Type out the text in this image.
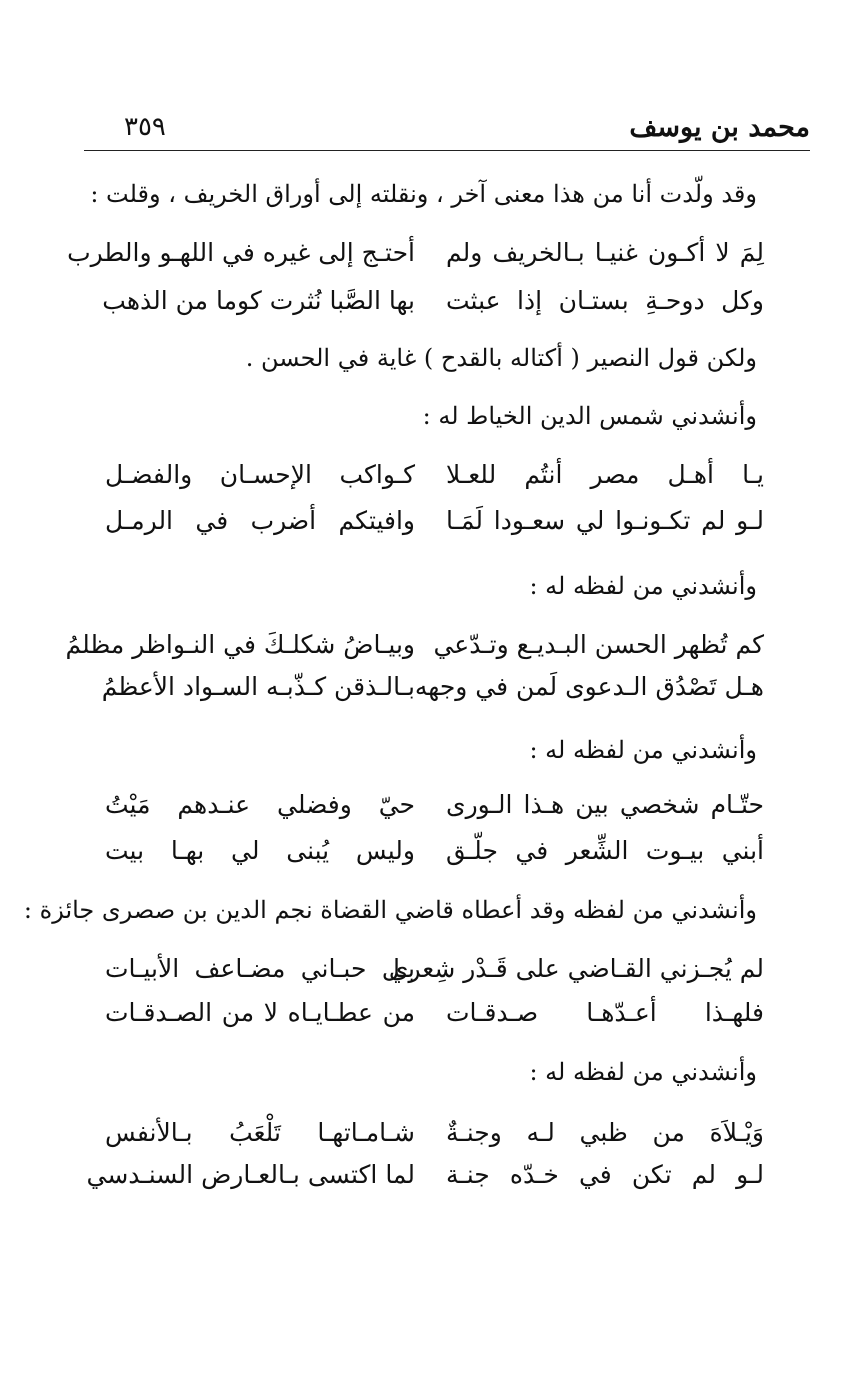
محمد بن يوسف
٣٥٩
وقد ولّدت أنا من هذا معنى آخر ، ونقلته إلى أوراق الخريف ، وقلت :
لِمَ لا أكـون غنيـا بـالخريف ولم
أحتـج إلى غيره في اللهـو والطرب
وكل دوحـةِ بستـان إذا عبثت
بها الصَّبا نُثرت كوما من الذهب
ولكن قول النصير ( أكتاله بالقدح ) غاية في الحسن .
وأنشدني شمس الدين الخياط له :
يـا أهـل مصر أنتُم للعـلا
كـواكب الإحسـان والفضـل
لـو لم تكـونـوا لي سعـودا لَمَـا
وافيتكم أضرب في الرمـل
وأنشدني من لفظه له :
كم تُظهر الحسن البـديـع وتـدّعي
وبيـاضُ شكلـكَ في النـواظر مظلمُ
هـل تَصْدُق الـدعوى لَمن في وجهه
بـالـذقن كـذّبـه السـواد الأعظمُ
وأنشدني من لفظه له :
حتّـام شخصي بين هـذا الـورى
حيّ وفضلي عنـدهم مَيْتُ
أبني بيـوت الشِّعر في جلّـق
وليس يُبنى لي بهـا بيت
وأنشدني من لفظه وقد أعطاه قاضي القضاة نجم الدين بن صصرى جائزة :
لم يُجـزني القـاضي على قَـدْر شِعري
بـل حبـاني مضـاعف الأبيـات
فلهـذا أعـدّهـا صـدقـات
من عطـايـاه لا من الصـدقـات
وأنشدني من لفظه له :
وَيْـلاَهَ من ظبي لـه وجنـةٌ
شـامـاتهـا تَلْعَبُ بـالأنفس
لـو لم تكن في خـدّه جنـة
لما اكتسى بـالعـارض السنـدسي
